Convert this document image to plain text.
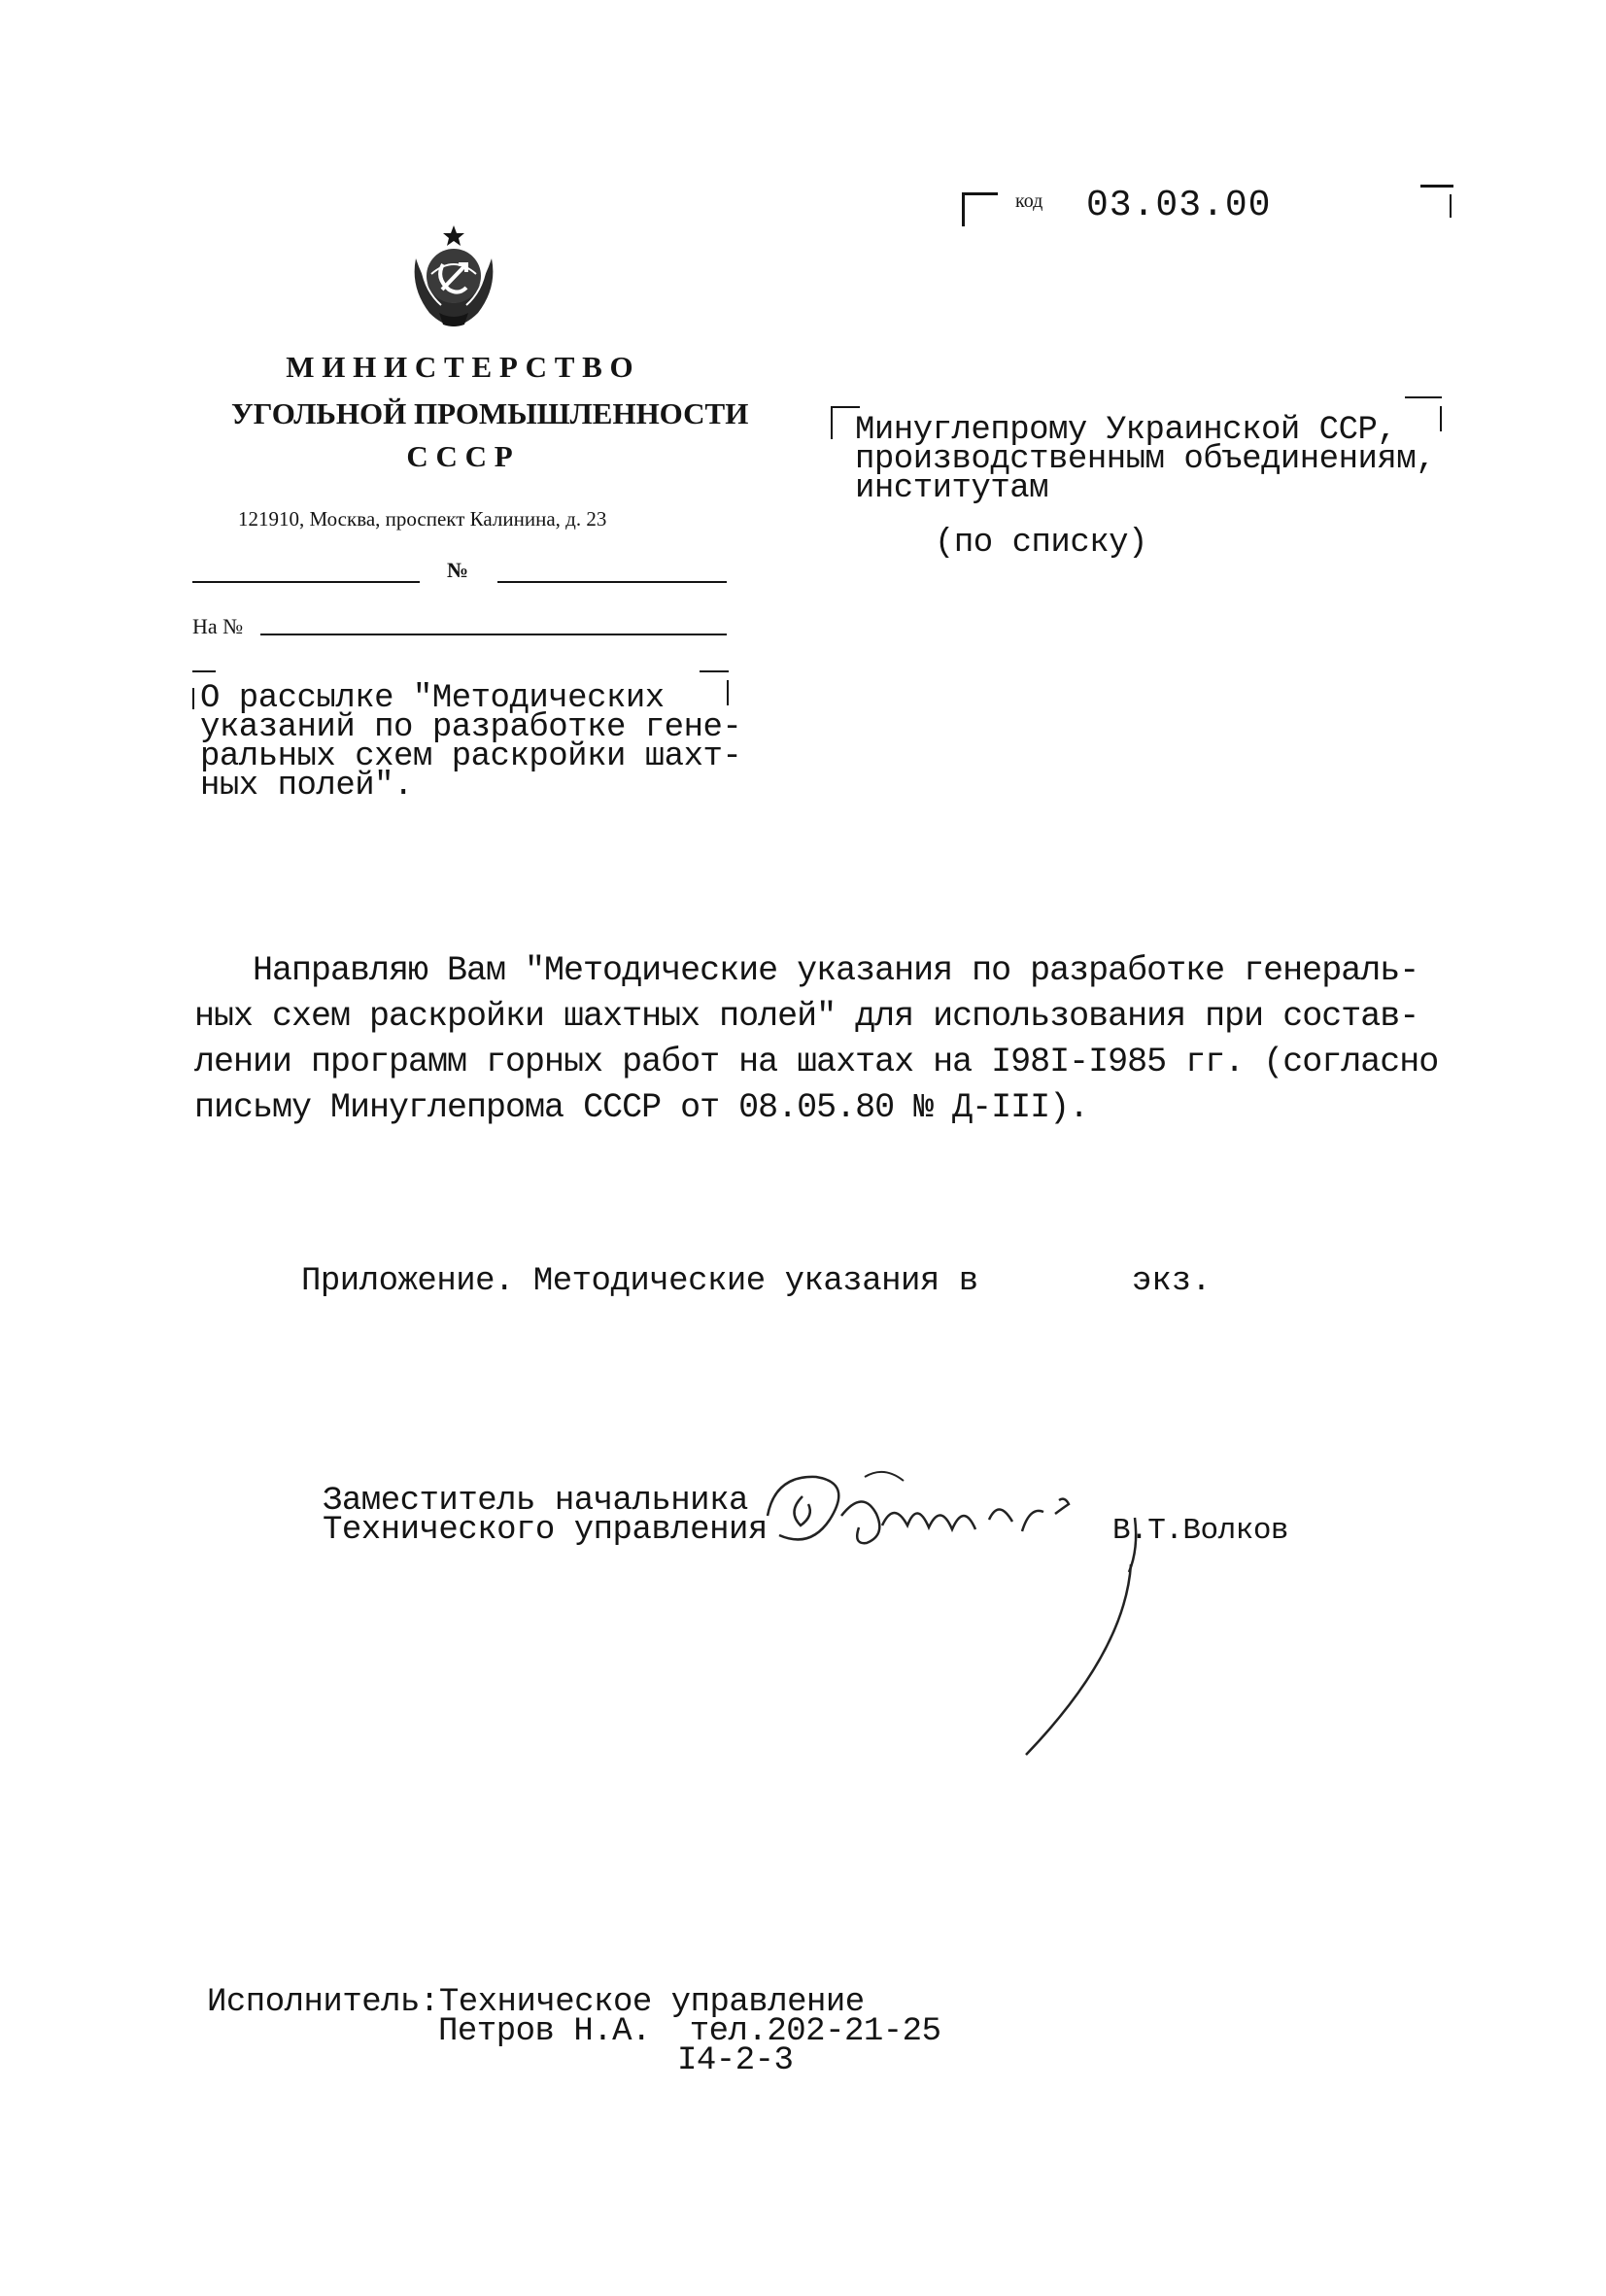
код 03.03.00
М И Н И С Т Е Р С Т В О
УГОЛЬНОЙ ПРОМЫШЛЕННОСТИ
С С С Р
121910, Москва, проспект Калинина, д. 23
№
На №
О рассылке "Методических
указаний по разработке гене-
ральных схем раскройки шахт-
ных полей".
Минуглепрому Украинской ССР,
производственным объединениям,
институтам
(по списку)
Направляю Вам "Методические указания по разработке генераль-
ных схем раскройки шахтных полей" для использования при состав-
лении программ горных работ на шахтах на I98I-I985 гг. (согласно
письму Минуглепрома СССР от 08.05.80 № Д-III).
Приложение. Методические указания в	экз.
Заместитель начальника
Технического управления	В.Т.Волков
Исполнитель:Техническое управление
Петров Н.А.  тел.202-21-25
I4-2-3
